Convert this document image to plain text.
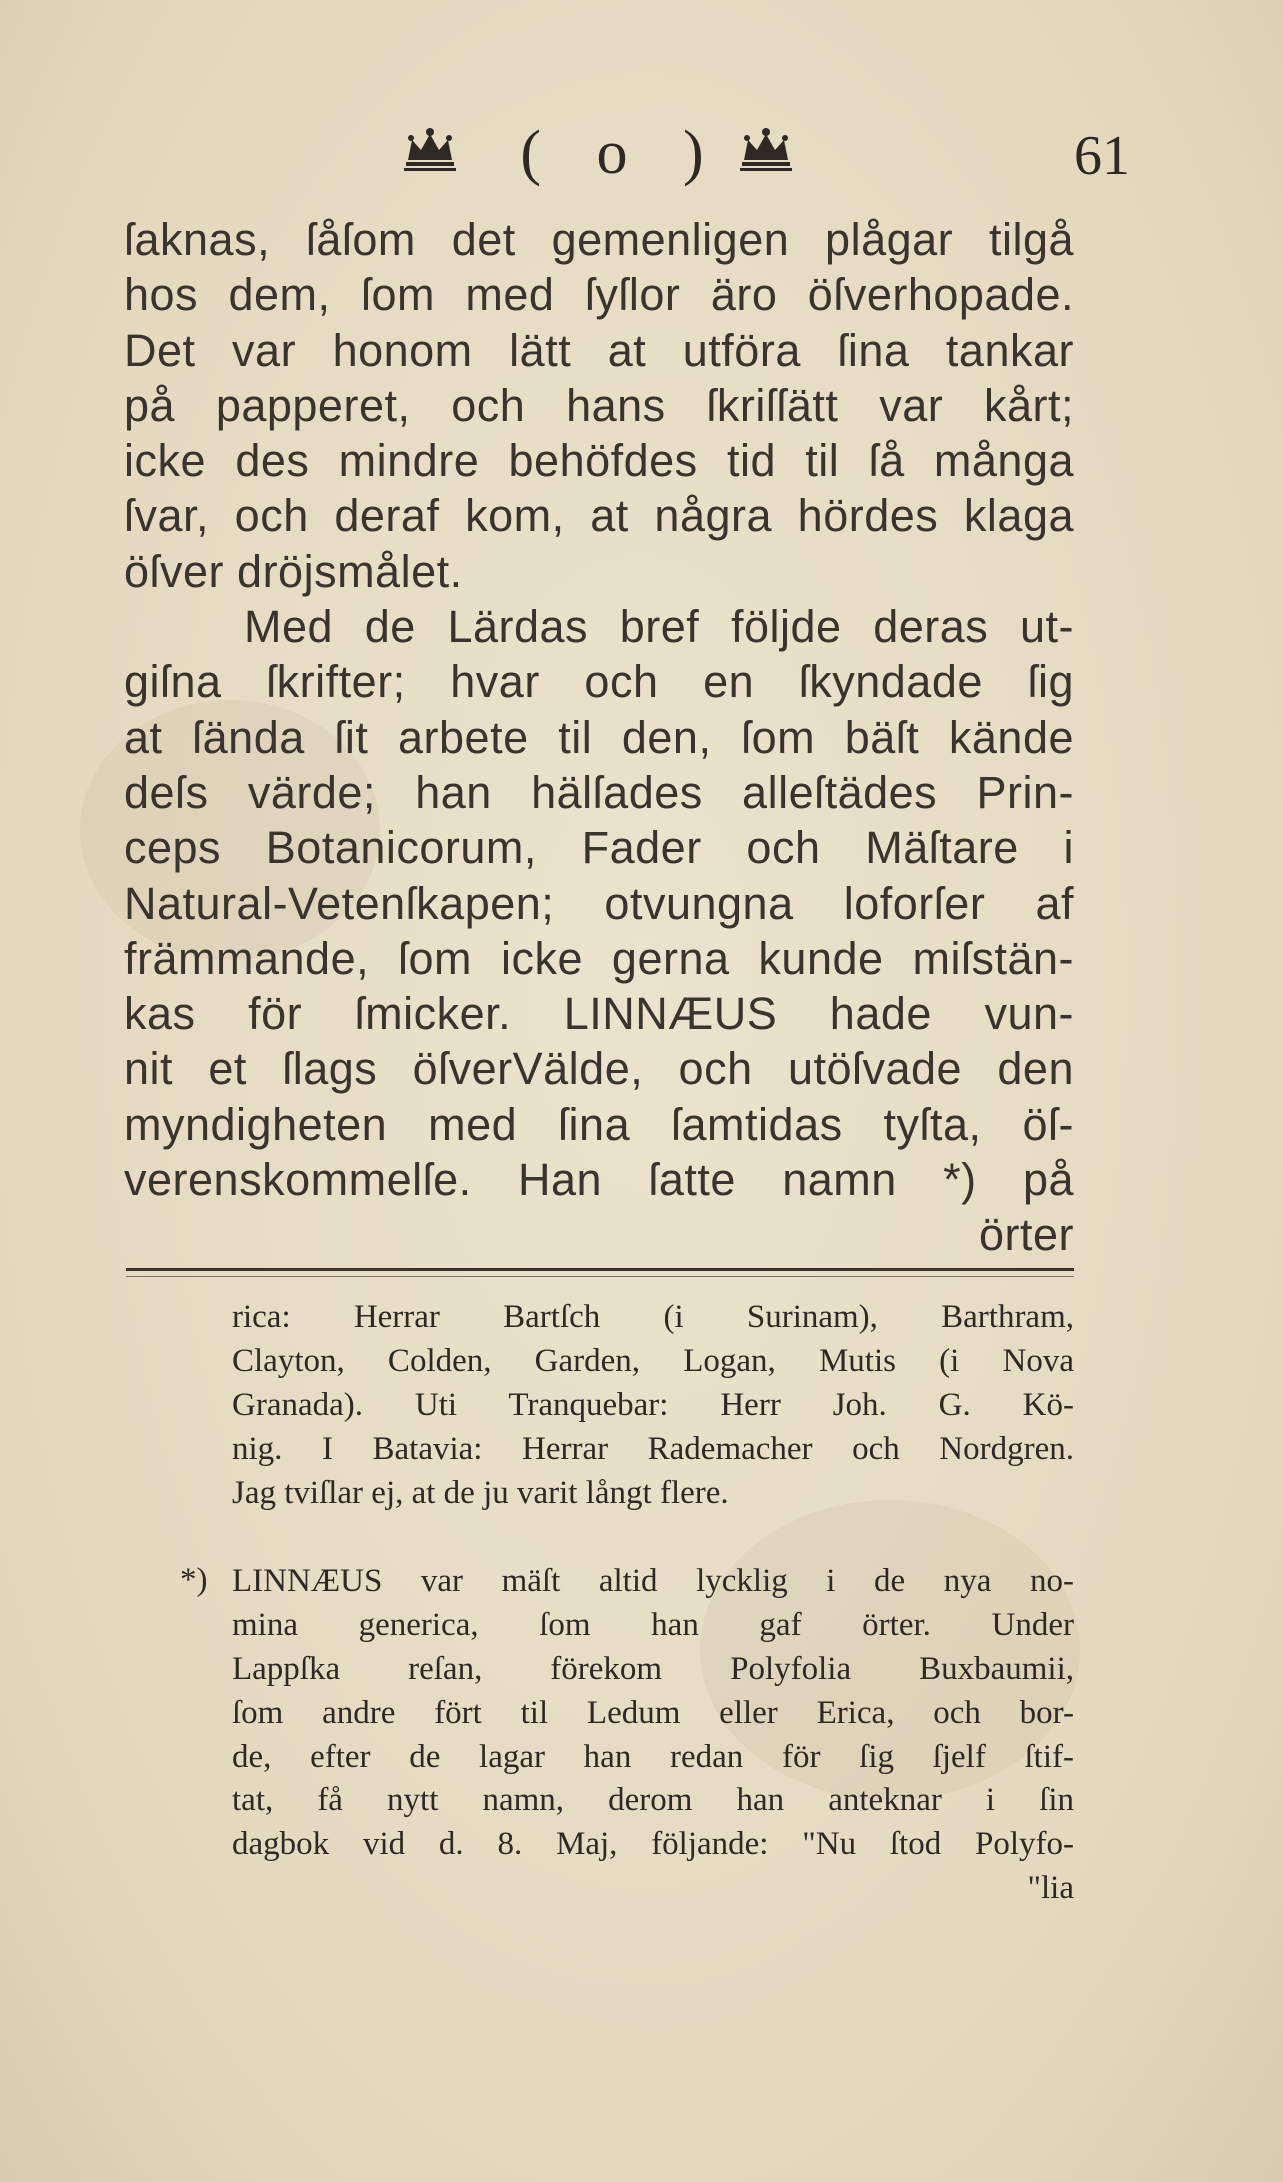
( o )	61
ſaknas, ſåſom det gemenligen plågar tilgå
hos dem, ſom med ſyſlor äro öſverhopade.
Det var honom lätt at utföra ſina tankar
på papperet, och hans ſkriſſätt var kårt;
icke des mindre behöfdes tid til ſå många
ſvar, och deraf kom, at några hördes klaga
öſver dröjsmålet.
Med de Lärdas bref följde deras ut-
giſna ſkrifter; hvar och en ſkyndade ſig
at ſända ſit arbete til den, ſom bäſt kände
deſs värde; han hälſades alleſtädes Prin-
ceps Botanicorum, Fader och Mäſtare i
Natural-Vetenſkapen; otvungna loforſer af
främmande, ſom icke gerna kunde miſstän-
kas för ſmicker. LINNÆUS hade vun-
nit et ſlags öſverVälde, och utöſvade den
myndigheten med ſina ſamtidas tyſta, öſ-
verenskommelſe. Han ſatte namn *) på
örter
rica: Herrar Bartſch (i Surinam), Barthram,
Clayton, Colden, Garden, Logan, Mutis (i Nova
Granada). Uti Tranquebar: Herr Joh. G. Kö-
nig. I Batavia: Herrar Rademacher och Nordgren.
Jag tviſlar ej, at de ju varit långt flere.
*) LINNÆUS var mäſt altid lycklig i de nya no-
mina generica, ſom han gaf örter. Under
Lappſka reſan, förekom Polyfolia Buxbaumii,
ſom andre fört til Ledum eller Erica, och bor-
de, efter de lagar han redan för ſig ſjelf ſtif-
tat, få nytt namn, derom han anteknar i ſin
dagbok vid d. 8. Maj, följande: "Nu ſtod Polyfo-
"lia
